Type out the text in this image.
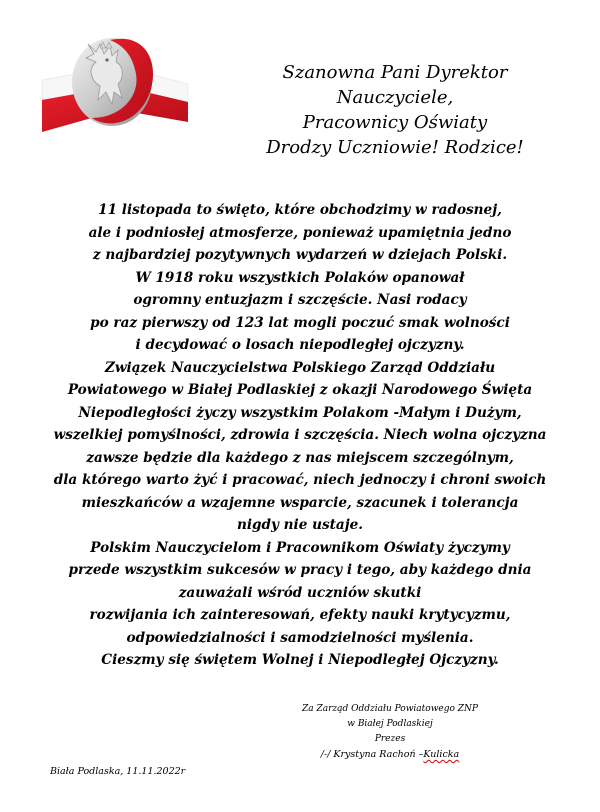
Szanowna Pani Dyrektor
Nauczyciele,
Pracownicy Oświaty
Drodzy Uczniowie! Rodzice!
11 listopada to święto, które obchodzimy w radosnej,
ale i podniosłej atmosferze, ponieważ upamiętnia jedno
z najbardziej pozytywnych wydarzeń w dziejach Polski.
W 1918 roku wszystkich Polaków opanował
ogromny entuzjazm i szczęście. Nasi rodacy
po raz pierwszy od 123 lat mogli poczuć smak wolności
i decydować o losach niepodległej ojczyzny.
Związek Nauczycielstwa Polskiego Zarząd Oddziału
Powiatowego w Białej Podlaskiej z okazji Narodowego Święta
Niepodległości życzy wszystkim Polakom -Małym i Dużym,
wszelkiej pomyślności, zdrowia i szczęścia. Niech wolna ojczyzna
zawsze będzie dla każdego z nas miejscem szczególnym,
dla którego warto żyć i pracować, niech jednoczy i chroni swoich
mieszkańców a wzajemne wsparcie, szacunek i tolerancja
nigdy nie ustaje.
Polskim Nauczycielom i Pracownikom Oświaty życzymy
przede wszystkim sukcesów w pracy i tego, aby każdego dnia
zauważali wśród uczniów skutki
rozwijania ich zainteresowań, efekty nauki krytycyzmu,
odpowiedzialności i samodzielności myślenia.
Cieszmy się świętem Wolnej i Niepodległej Ojczyzny.
Za Zarząd Oddziału Powiatowego ZNP
w Białej Podlaskiej
Prezes
/-/ Krystyna Rachoń –Kulicka
Biała Podlaska, 11.11.2022r
